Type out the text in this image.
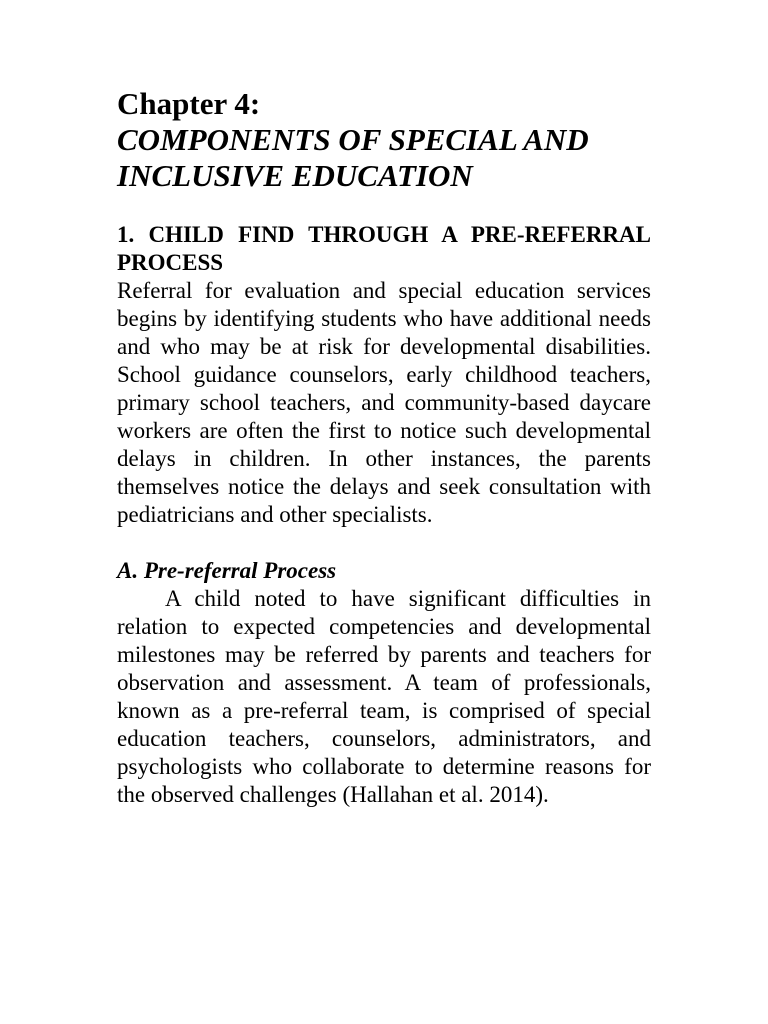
Chapter 4:
COMPONENTS OF SPECIAL AND
INCLUSIVE EDUCATION
1. CHILD FIND THROUGH A PRE-REFERRAL PROCESS

Referral for evaluation and special education services begins by identifying students who have additional needs and who may be at risk for developmental disabilities. School guidance counselors, early childhood teachers, primary school teachers, and community-based daycare workers are often the first to notice such developmental delays in children. In other instances, the parents themselves notice the delays and seek consultation with pediatricians and other specialists.

A. Pre-referral Process

A child noted to have significant difficulties in relation to expected competencies and developmental milestones may be referred by parents and teachers for observation and assessment. A team of professionals, known as a pre-referral team, is comprised of special education teachers, counselors, administrators, and psychologists who collaborate to determine reasons for the observed challenges (Hallahan et al. 2014).
